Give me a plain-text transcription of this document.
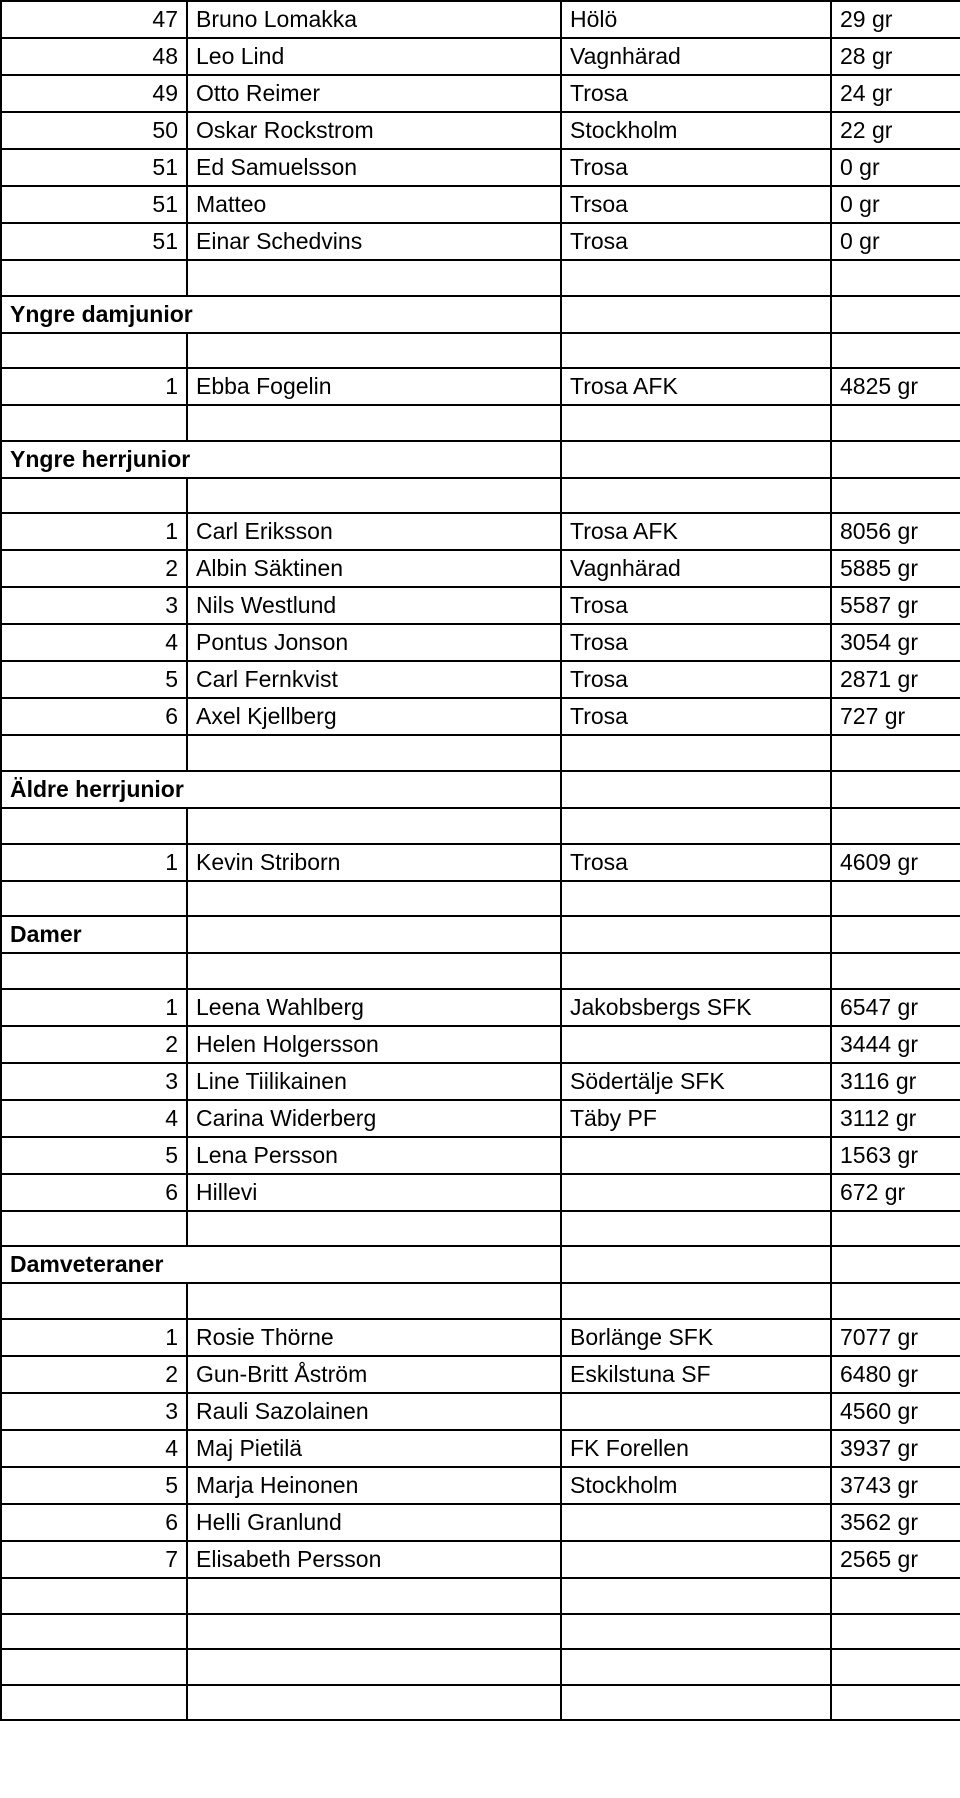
47	Bruno Lomakka	Hölö	29 gr
48	Leo Lind	Vagnhärad	28 gr
49	Otto Reimer	Trosa	24 gr
50	Oskar Rockstrom	Stockholm	22 gr
51	Ed Samuelsson	Trosa	0 gr
51	Matteo	Trsoa	0 gr
51	Einar Schedvins	Trosa	0 gr

Yngre damjunior			

1	Ebba Fogelin	Trosa AFK	4825 gr

Yngre herrjunior			

1	Carl Eriksson	Trosa AFK	8056 gr
2	Albin Säktinen	Vagnhärad	5885 gr
3	Nils Westlund	Trosa	5587 gr
4	Pontus Jonson	Trosa	3054 gr
5	Carl Fernkvist	Trosa	2871 gr
6	Axel Kjellberg	Trosa	727 gr

Äldre herrjunior			

1	Kevin Striborn	Trosa	4609 gr

Damer			

1	Leena Wahlberg	Jakobsbergs SFK	6547 gr
2	Helen Holgersson		3444 gr
3	Line Tiilikainen	Södertälje SFK	3116 gr
4	Carina Widerberg	Täby PF	3112 gr
5	Lena Persson		1563 gr
6	Hillevi		672 gr

Damveteraner			

1	Rosie Thörne	Borlänge SFK	7077 gr
2	Gun-Britt Åström	Eskilstuna SF	6480 gr
3	Rauli Sazolainen		4560 gr
4	Maj Pietilä	FK Forellen	3937 gr
5	Marja Heinonen	Stockholm	3743 gr
6	Helli Granlund		3562 gr
7	Elisabeth Persson		2565 gr
